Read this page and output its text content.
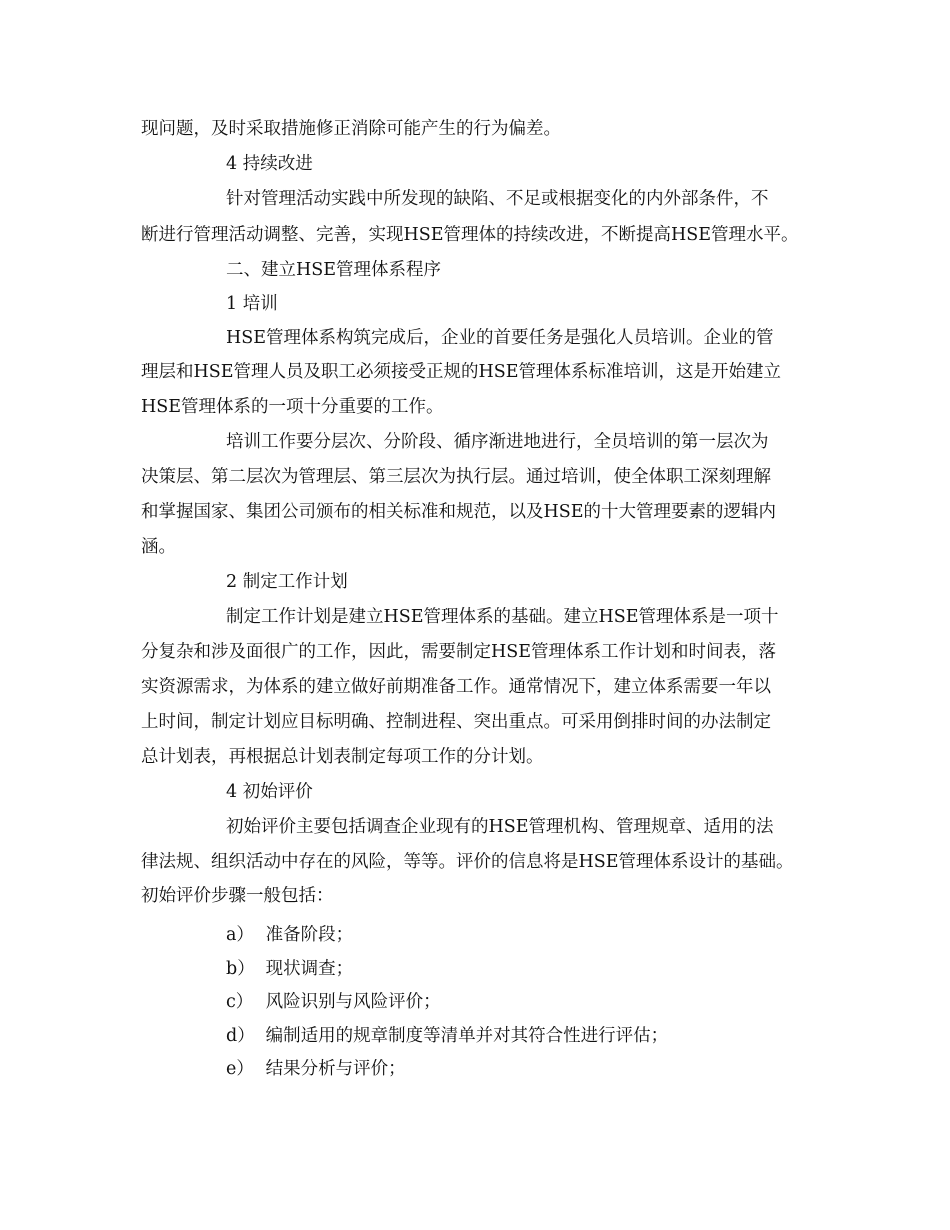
现问题，及时采取措施修正消除可能产生的行为偏差。
4 持续改进
针对管理活动实践中所发现的缺陷、不足或根据变化的内外部条件，不
断进行管理活动调整、完善，实现HSE管理体的持续改进，不断提高HSE管理水平。
二、建立HSE管理体系程序
1 培训
HSE管理体系构筑完成后，企业的首要任务是强化人员培训。企业的管
理层和HSE管理人员及职工必须接受正规的HSE管理体系标准培训，这是开始建立
HSE管理体系的一项十分重要的工作。
培训工作要分层次、分阶段、循序渐进地进行，全员培训的第一层次为
决策层、第二层次为管理层、第三层次为执行层。通过培训，使全体职工深刻理解
和掌握国家、集团公司颁布的相关标准和规范，以及HSE的十大管理要素的逻辑内
涵。
2 制定工作计划
制定工作计划是建立HSE管理体系的基础。建立HSE管理体系是一项十
分复杂和涉及面很广的工作，因此，需要制定HSE管理体系工作计划和时间表，落
实资源需求，为体系的建立做好前期准备工作。通常情况下，建立体系需要一年以
上时间，制定计划应目标明确、控制进程、突出重点。可采用倒排时间的办法制定
总计划表，再根据总计划表制定每项工作的分计划。
4 初始评价
初始评价主要包括调查企业现有的HSE管理机构、管理规章、适用的法
律法规、组织活动中存在的风险，等等。评价的信息将是HSE管理体系设计的基础。
初始评价步骤一般包括：
a） 准备阶段；
b） 现状调查；
c） 风险识别与风险评价；
d） 编制适用的规章制度等清单并对其符合性进行评估；
e） 结果分析与评价；
